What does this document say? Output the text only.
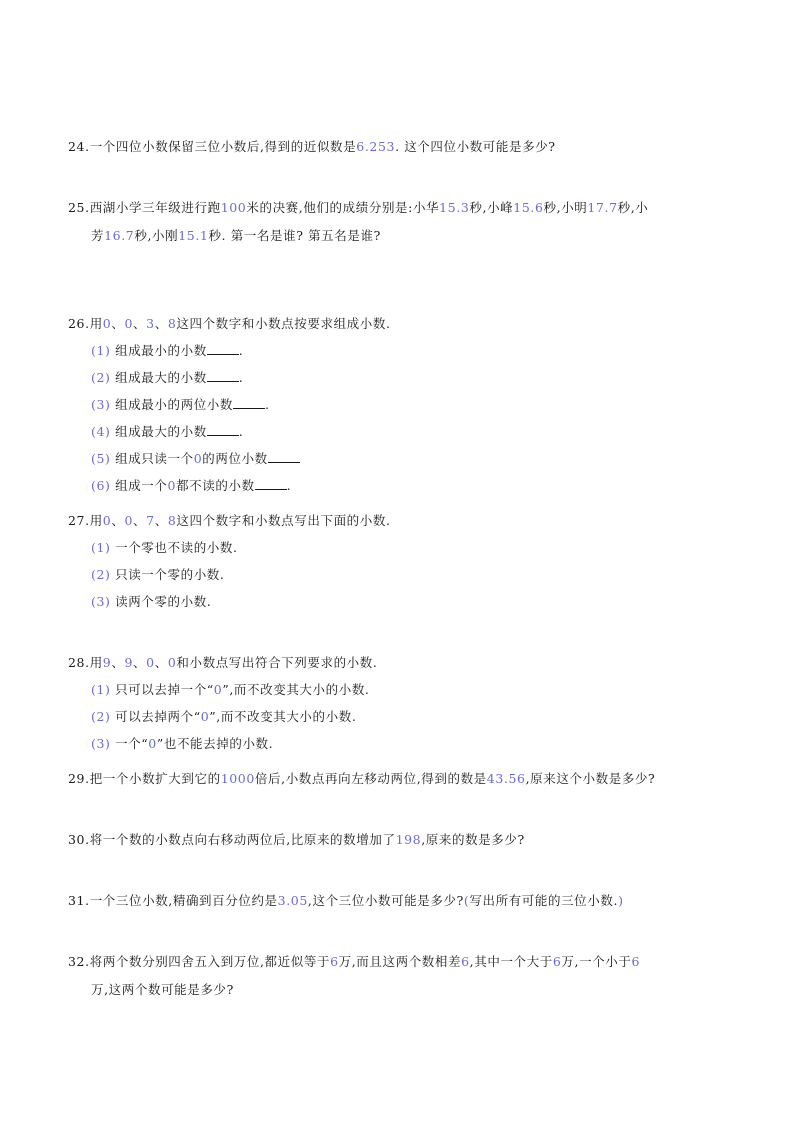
24.一个四位小数保留三位小数后,得到的近似数是6.253. 这个四位小数可能是多少?
25.西湖小学三年级进行跑100米的决赛,他们的成绩分别是:小华15.3秒,小峰15.6秒,小明17.7秒,小
芳16.7秒,小刚15.1秒. 第一名是谁? 第五名是谁?
26.用0、0、3、8这四个数字和小数点按要求组成小数.
(1) 组成最小的小数	.
(2) 组成最大的小数	.
(3) 组成最小的两位小数	.
(4) 组成最大的小数	.
(5) 组成只读一个0的两位小数
(6) 组成一个0都不读的小数	.
27.用0、0、7、8这四个数字和小数点写出下面的小数.
(1) 一个零也不读的小数.
(2) 只读一个零的小数.
(3) 读两个零的小数.
28.用9、9、0、0和小数点写出符合下列要求的小数.
(1) 只可以去掉一个“0”,而不改变其大小的小数.
(2) 可以去掉两个“0”,而不改变其大小的小数.
(3) 一个“0”也不能去掉的小数.
29.把一个小数扩大到它的1000倍后,小数点再向左移动两位,得到的数是43.56,原来这个小数是多少?
30.将一个数的小数点向右移动两位后,比原来的数增加了198,原来的数是多少?
31.一个三位小数,精确到百分位约是3.05,这个三位小数可能是多少?(写出所有可能的三位小数.)
32.将两个数分别四舍五入到万位,都近似等于6万,而且这两个数相差6,其中一个大于6万,一个小于6
万,这两个数可能是多少?
